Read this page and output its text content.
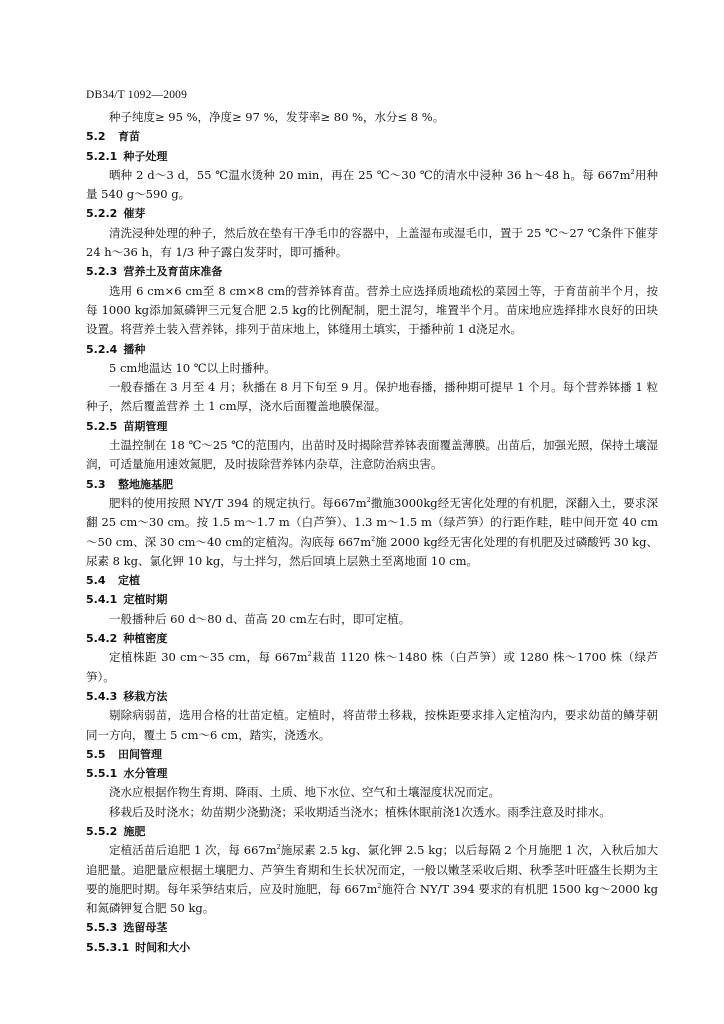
DB34/T 1092—2009
种子纯度≥ 95 %，净度≥ 97 %，发芽率≥ 80 %，水分≤ 8 %。
5.2 育苗
5.2.1 种子处理
晒种 2 d～3 d，55 ℃温水烫种 20 min，再在 25 ℃～30 ℃的清水中浸种 36 h～48 h。每 $667m^2$用种量 540 g～590 g。
5.2.2 催芽
清洗浸种处理的种子，然后放在垫有干净毛巾的容器中，上盖湿布或湿毛巾，置于 25 ℃～27 ℃条件下催芽 24 h～36 h，有 1/3 种子露白发芽时，即可播种。
5.2.3 营养土及育苗床准备
选用 6 cm×6 cm至 8 cm×8 cm的营养钵育苗。营养土应选择质地疏松的菜园土等，于育苗前半个月，按每 1000 kg添加氮磷钾三元复合肥 2.5 kg的比例配制，肥土混匀，堆置半个月。苗床地应选择排水良好的田块设置。将营养土装入营养钵，排列于苗床地上，钵缝用土填实，于播种前 1 d浇足水。
5.2.4 播种
5 cm地温达 10 ℃以上时播种。
一般春播在 3 月至 4 月；秋播在 8 月下旬至 9 月。保护地春播，播种期可提早 1 个月。每个营养钵播 1 粒种子，然后覆盖营养 土 1 cm厚，浇水后面覆盖地膜保湿。
5.2.5 苗期管理
土温控制在 18 ℃～25 ℃的范围内，出苗时及时揭除营养钵表面覆盖薄膜。出苗后，加强光照，保持土壤湿润，可适量施用速效氮肥，及时拔除营养钵内杂草，注意防治病虫害。
5.3 整地施基肥
肥料的使用按照 NY/T 394 的规定执行。每$667m^2$撒施3000kg经无害化处理的有机肥，深翻入土，要求深翻 25 cm～30 cm。按 1.5 m～1.7 m（白芦笋）、1.3 m～1.5 m（绿芦笋）的行距作畦，畦中间开宽 40 cm～50 cm、深 30 cm～40 cm的定植沟。沟底每 $667m^2$施 2000 kg经无害化处理的有机肥及过磷酸钙 30 kg、尿素 8 kg、氯化钾 10 kg，与土拌匀，然后回填上层熟土至离地面 10 cm。
5.4 定植
5.4.1 定植时期
一般播种后 60 d～80 d、苗高 20 cm左右时，即可定植。
5.4.2 种植密度
定植株距 30 cm～35 cm，每 $667m^2$栽苗 1120 株～1480 株（白芦笋）或 1280 株～1700 株（绿芦笋）。
5.4.3 移栽方法
剔除病弱苗，选用合格的壮苗定植。定植时，将苗带土移栽，按株距要求排入定植沟内，要求幼苗的鳞芽朝同一方向，覆土 5 cm～6 cm，踏实，浇透水。
5.5 田间管理
5.5.1 水分管理
浇水应根据作物生育期、降雨、土质、地下水位、空气和土壤湿度状况而定。
移栽后及时浇水；幼苗期少浇勤浇；采收期适当浇水；植株休眠前浇1次透水。雨季注意及时排水。
5.5.2 施肥
定植活苗后追肥 1 次，每 $667m^2$施尿素 2.5 kg、氯化钾 2.5 kg；以后每隔 2 个月施肥 1 次，入秋后加大追肥量。追肥量应根据土壤肥力、芦笋生育期和生长状况而定，一般以嫩茎采收后期、秋季茎叶旺盛生长期为主要的施肥时期。每年采笋结束后，应及时施肥，每 $667m^2$施符合 NY/T 394 要求的有机肥 1500 kg～2000 kg和氮磷钾复合肥 50 kg。
5.5.3 选留母茎
5.5.3.1 时间和大小
